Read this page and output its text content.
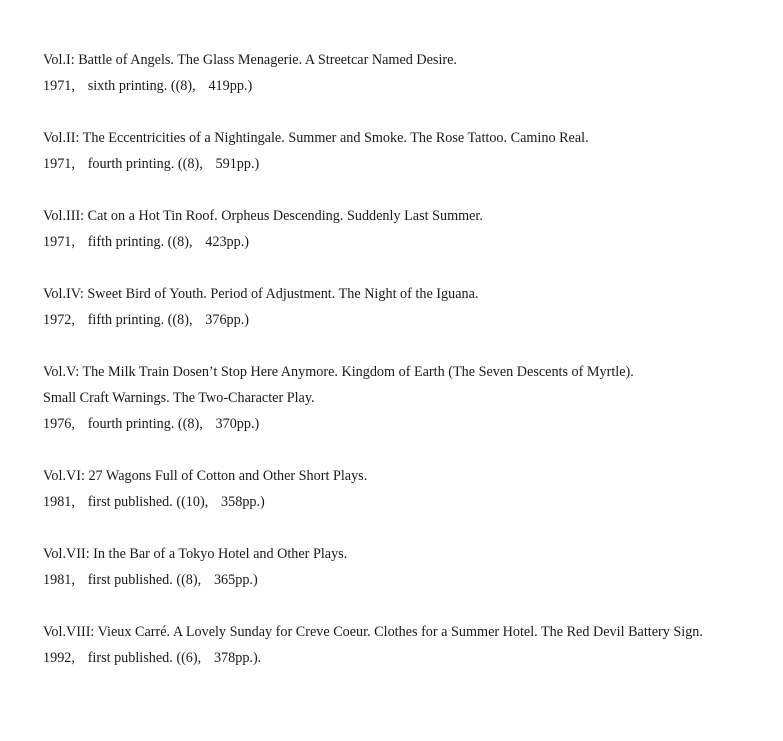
Vol.I: Battle of Angels. The Glass Menagerie. A Streetcar Named Desire.
1971, sixth printing. ((8), 419pp.)
Vol.II: The Eccentricities of a Nightingale. Summer and Smoke. The Rose Tattoo. Camino Real.
1971, fourth printing. ((8), 591pp.)
Vol.III: Cat on a Hot Tin Roof. Orpheus Descending. Suddenly Last Summer.
1971, fifth printing. ((8), 423pp.)
Vol.IV: Sweet Bird of Youth. Period of Adjustment. The Night of the Iguana.
1972, fifth printing. ((8), 376pp.)
Vol.V: The Milk Train Dosen’t Stop Here Anymore. Kingdom of Earth (The Seven Descents of Myrtle).
Small Craft Warnings. The Two-Character Play.
1976, fourth printing. ((8), 370pp.)
Vol.VI: 27 Wagons Full of Cotton and Other Short Plays.
1981, first published. ((10), 358pp.)
Vol.VII: In the Bar of a Tokyo Hotel and Other Plays.
1981, first published. ((8), 365pp.)
Vol.VIII: Vieux Carré. A Lovely Sunday for Creve Coeur. Clothes for a Summer Hotel. The Red Devil Battery Sign.
1992, first published. ((6), 378pp.).
